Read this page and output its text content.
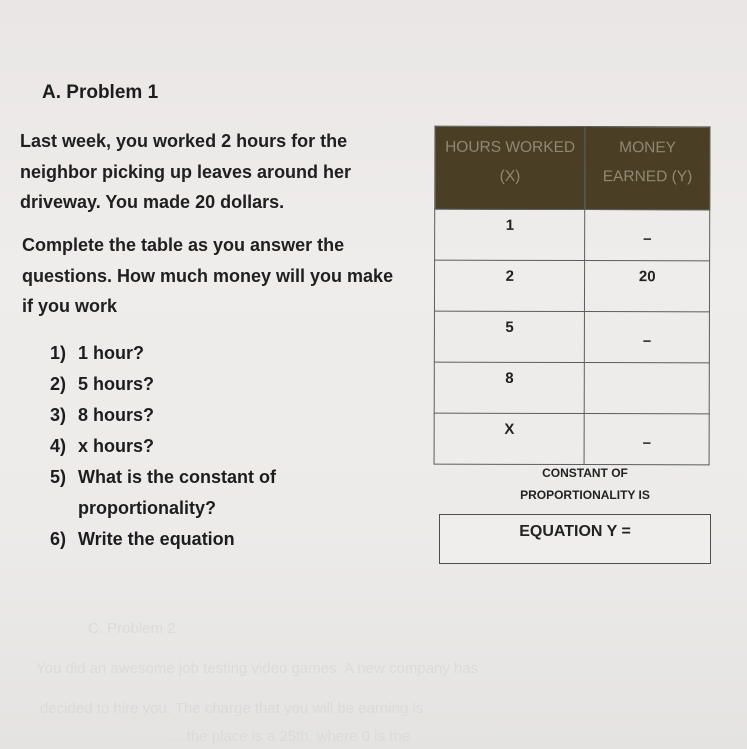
A. Problem 1
Last week, you worked 2 hours for the neighbor picking up leaves around her driveway. You made 20 dollars.
Complete the table as you answer the questions. How much money will you make if you work
1) 1 hour?
2) 5 hours?
3) 8 hours?
4) x hours?
5) What is the constant of proportionality?
6) Write the equation
HOURS WORKED (X)	MONEY EARNED (Y)
1	–
2	20
5	–
8	
X	–
CONSTANT OF PROPORTIONALITY IS
EQUATION Y =
C. Problem 2
You did an awesome job testing video games. A new company has
decided to hire you. The charge that you will be earning is
... the place is a 25th, where 0 is the
